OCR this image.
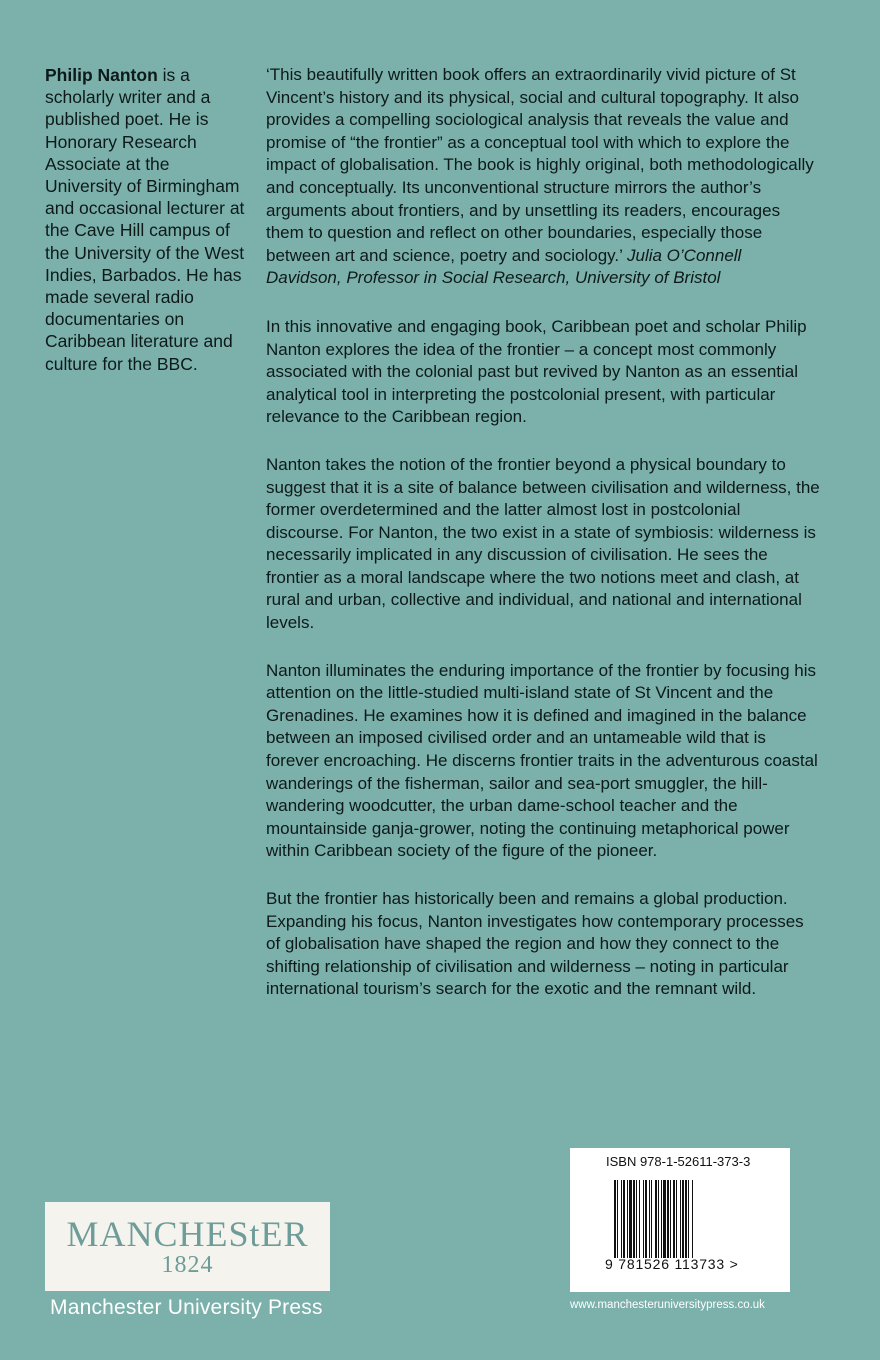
Philip Nanton is a scholarly writer and a published poet. He is Honorary Research Associate at the University of Birmingham and occasional lecturer at the Cave Hill campus of the University of the West Indies, Barbados. He has made several radio documentaries on Caribbean literature and culture for the BBC.

‘This beautifully written book offers an extraordinarily vivid picture of St Vincent’s history and its physical, social and cultural topography. It also provides a compelling sociological analysis that reveals the value and promise of “the frontier” as a conceptual tool with which to explore the impact of globalisation. The book is highly original, both methodologically and conceptually. Its unconventional structure mirrors the author’s arguments about frontiers, and by unsettling its readers, encourages them to question and reflect on other boundaries, especially those between art and science, poetry and sociology.’ Julia O’Connell Davidson, Professor in Social Research, University of Bristol

In this innovative and engaging book, Caribbean poet and scholar Philip Nanton explores the idea of the frontier – a concept most commonly associated with the colonial past but revived by Nanton as an essential analytical tool in interpreting the postcolonial present, with particular relevance to the Caribbean region.

Nanton takes the notion of the frontier beyond a physical boundary to suggest that it is a site of balance between civilisation and wilderness, the former overdetermined and the latter almost lost in postcolonial discourse. For Nanton, the two exist in a state of symbiosis: wilderness is necessarily implicated in any discussion of civilisation. He sees the frontier as a moral landscape where the two notions meet and clash, at rural and urban, collective and individual, and national and international levels.

Nanton illuminates the enduring importance of the frontier by focusing his attention on the little-studied multi-island state of St Vincent and the Grenadines. He examines how it is defined and imagined in the balance between an imposed civilised order and an untameable wild that is forever encroaching. He discerns frontier traits in the adventurous coastal wanderings of the fisherman, sailor and sea-port smuggler, the hill-wandering woodcutter, the urban dame-school teacher and the mountainside ganja-grower, noting the continuing metaphorical power within Caribbean society of the figure of the pioneer.

But the frontier has historically been and remains a global production. Expanding his focus, Nanton investigates how contemporary processes of globalisation have shaped the region and how they connect to the shifting relationship of civilisation and wilderness – noting in particular international tourism’s search for the exotic and the remnant wild.

MANCHEStER
1824
Manchester University Press
ISBN 978-1-52611-373-3
9 781526 113733 >
www.manchesteruniversitypress.co.uk
